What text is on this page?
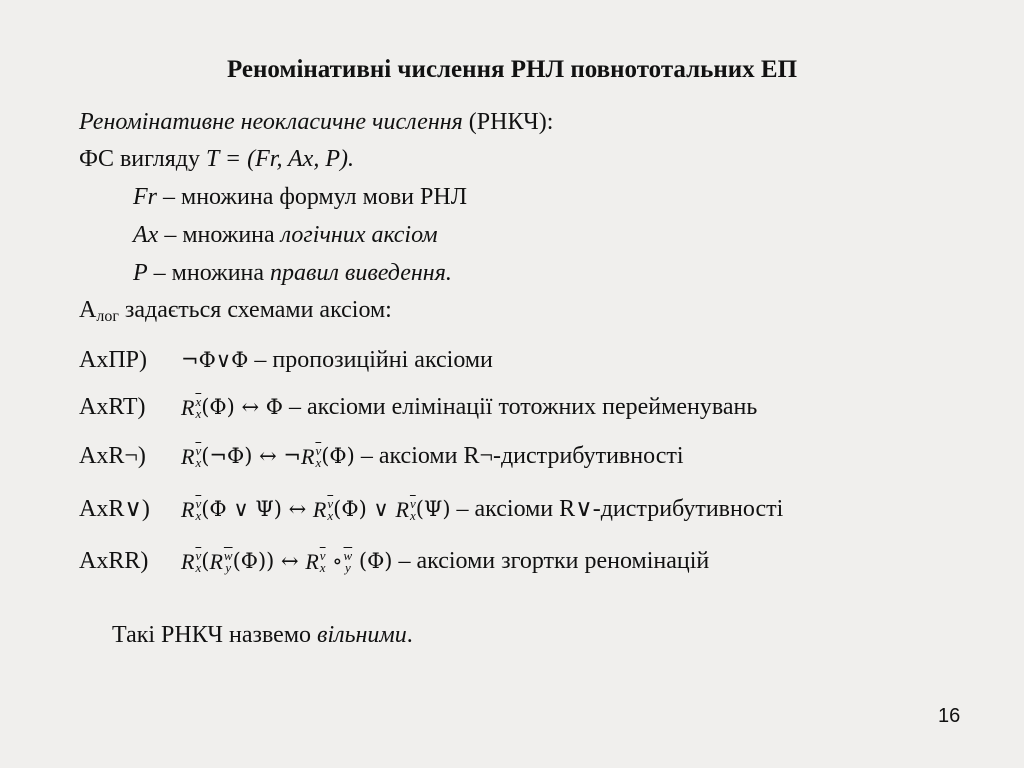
Реномінативні числення РНЛ повнототальних ЕП
Реномінативне неокласичне числення (РНКЧ):
ФС вигляду T = (Fr, Ax, P).
Fr – множина формул мови РНЛ
Ax – множина логічних аксіом
P – множина правил виведення.
$А_{лог}$ задається схемами аксіом:
AxПР) ¬Φ∨Φ – пропозиційні аксіоми
AxRT) R $\overline{x}$
x (Φ) ↔ Φ – аксіоми елімінації тотожних перейменувань
AxR¬) R $\overline{v}$
x (¬Φ) ↔ ¬ R $\overline{v}$
x (Φ) – аксіоми R¬-дистрибутивності
AxR∨) R $\overline{v}$
x (Φ ∨ Ψ) ↔ R $\overline{v}$
x (Φ) ∨ R $\overline{v}$
x (Ψ) – аксіоми R∨-дистрибутивності
AxRR) R $\overline{v}$
x ( R $\overline{w}$
y (Φ)) ↔ R $\overline{v}$
x ∘ $\overline{w}$
y (Φ) – аксіоми згортки реномінацій
Такі РНКЧ назвемо вільними.
16
